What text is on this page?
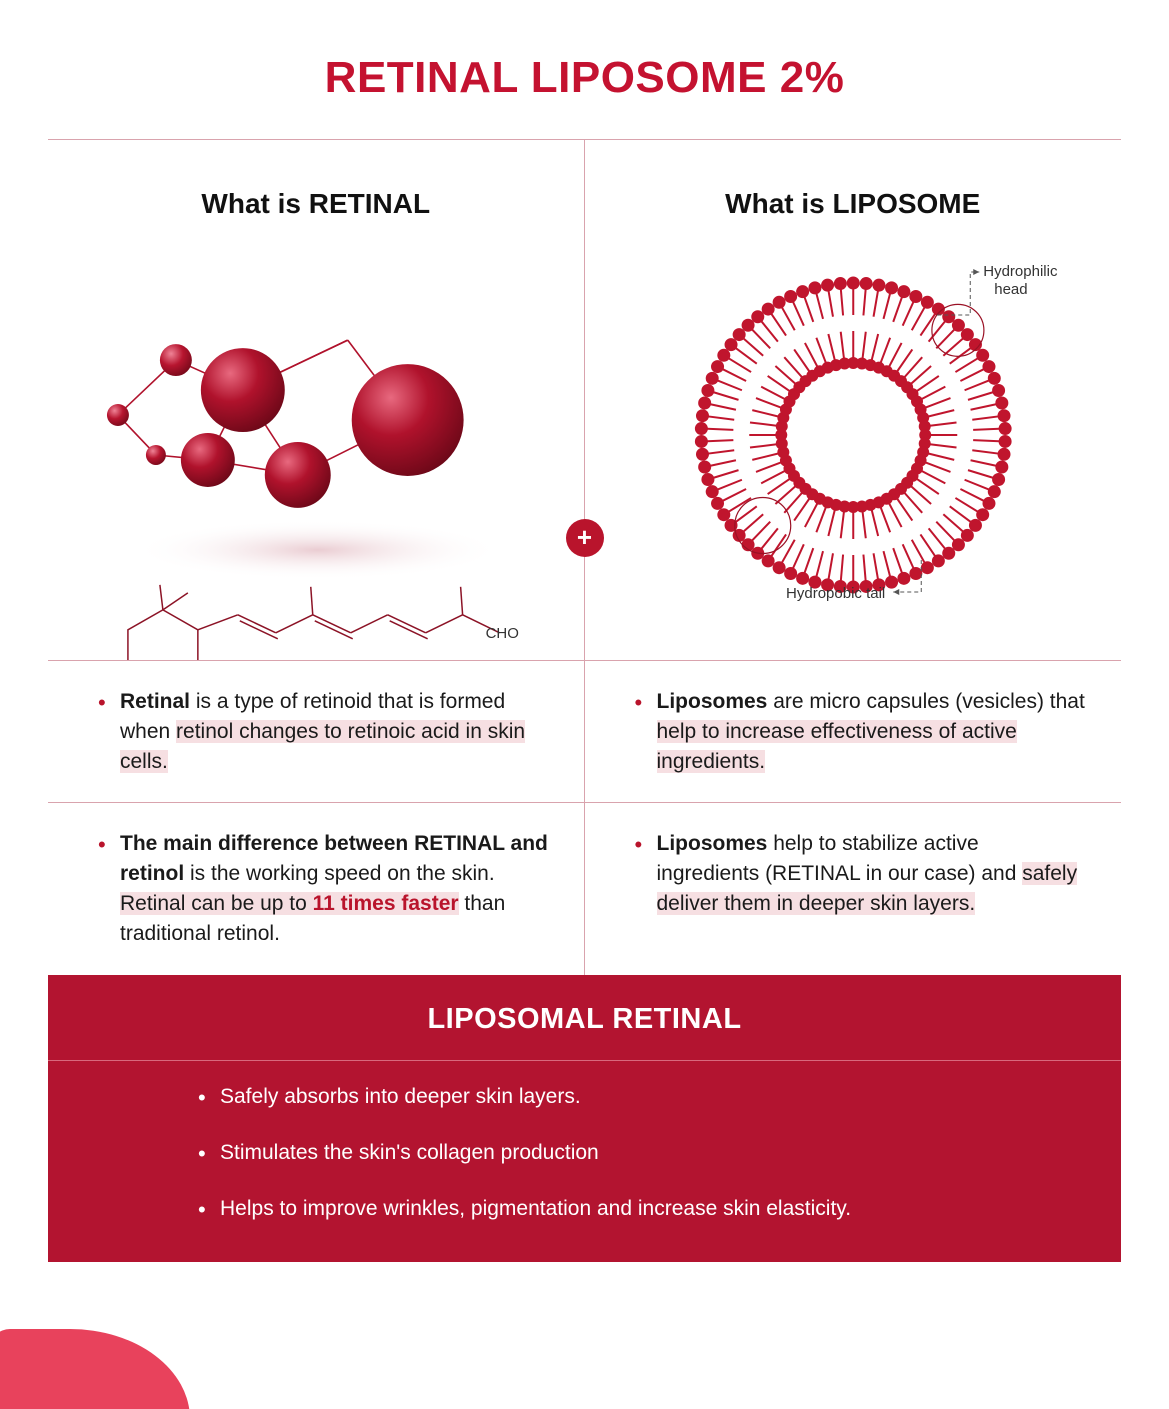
RETINAL LIPOSOME 2%
What is RETINAL
CHO
What is LIPOSOME
Hydropobic tail
Hydrophilic
head
+
• Retinal is a type of retinoid that is formed when retinol changes to retinoic acid in skin cells.
• Liposomes are micro capsules (vesicles) that help to increase effectiveness of active ingredients.
• The main difference between RETINAL and retinol is the working speed on the skin. Retinal can be up to 11 times faster than traditional retinol.
• Liposomes help to stabilize active ingredients (RETINAL in our case) and safely deliver them in deeper skin layers.
LIPOSOMAL RETINAL
• Safely absorbs into deeper skin layers.
• Stimulates the skin's collagen production
• Helps to improve wrinkles, pigmentation and increase skin elasticity.
